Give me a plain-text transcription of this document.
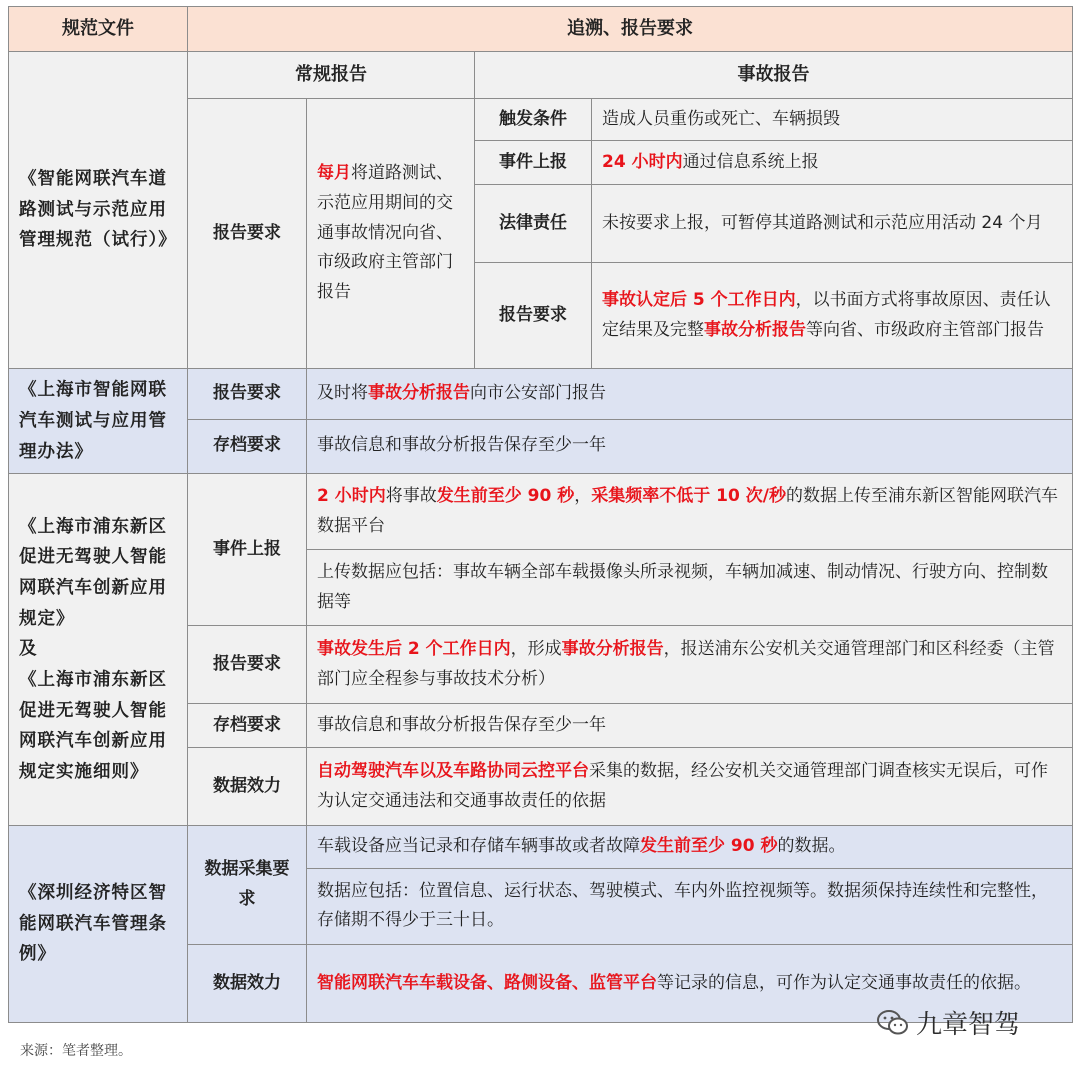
规范文件	追溯、报告要求			
《智能网联汽车道路测试与示范应用管理规范（试行）》	常规报告		事故报告	
	报告要求	每月将道路测试、示范应用期间的交通事故情况向省、市级政府主管部门报告	触发条件	造成人员重伤或死亡、车辆损毁
			事件上报	24 小时内通过信息系统上报
			法律责任	未按要求上报，可暂停其道路测试和示范应用活动 24 个月
			报告要求	事故认定后 5 个工作日内，以书面方式将事故原因、责任认定结果及完整事故分析报告等向省、市级政府主管部门报告

《上海市智能网联汽车测试与应用管理办法》	报告要求	及时将事故分析报告向市公安部门报告		
	存档要求	事故信息和事故分析报告保存至少一年		
《上海市浦东新区促进无驾驶人智能网联汽车创新应用规定》
及
《上海市浦东新区促进无驾驶人智能网联汽车创新应用规定实施细则》	事件上报	2 小时内将事故发生前至少 90 秒，采集频率不低于 10 次/秒的数据上传至浦东新区智能网联汽车数据平台		
		上传数据应包括：事故车辆全部车载摄像头所录视频，车辆加减速、制动情况、行驶方向、控制数据等		
	报告要求	事故发生后 2 个工作日内，形成事故分析报告，报送浦东公安机关交通管理部门和区科经委（主管部门应全程参与事故技术分析）		
	存档要求	事故信息和事故分析报告保存至少一年		
	数据效力	自动驾驶汽车以及车路协同云控平台采集的数据，经公安机关交通管理部门调查核实无误后，可作为认定交通违法和交通事故责任的依据		

《深圳经济特区智能网联汽车管理条例》	数据采集要求	车载设备应当记录和存储车辆事故或者故障发生前至少 90 秒的数据。		
		数据应包括：位置信息、运行状态、驾驶模式、车内外监控视频等。数据须保持连续性和完整性，存储期不得少于三十日。		
	数据效力	智能网联汽车车载设备、路侧设备、监管平台等记录的信息，可作为认定交通事故责任的依据。		
九章智驾
来源：笔者整理。
